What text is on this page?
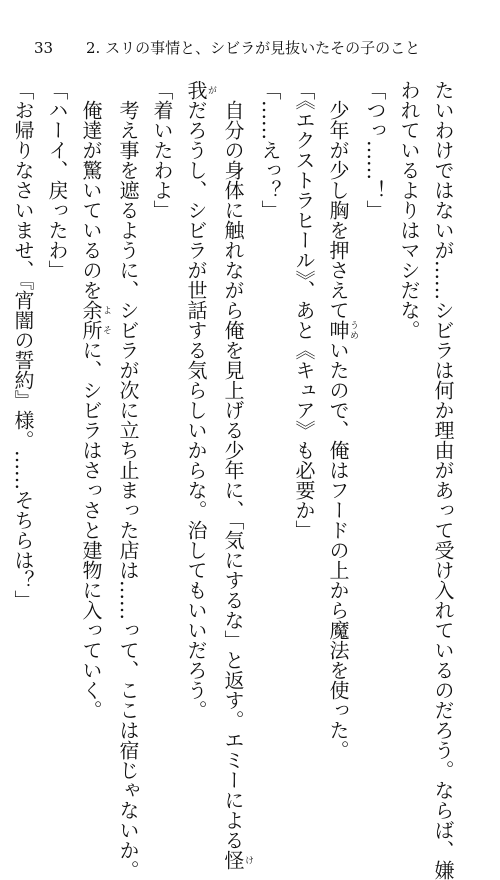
33 2. スリの事情と、シビラが見抜いたその子のこと
たいわけではないが……シビラは何か理由があって受け入れているのだろう。ならば、嫌
われているよりはマシだな。
「つっ……！」
　少年が少し胸を押さえて呻うめいたので、俺はフードの上から魔法を使った。
「《エクストラヒール》、あと《キュア》も必要か」
「……えっ？」
　自分の身体に触れながら俺を見上げる少年に、「気にするな」と返す。エミーによる怪け
我がだろうし、シビラが世話する気らしいからな。治してもいいだろう。
「着いたわよ」
　考え事を遮るように、シビラが次に立ち止まった店は……って、ここは宿じゃないか。
　俺達が驚いているのを余所よそに、シビラはさっさと建物に入っていく。
「ハーイ、戻ったわ」
「お帰りなさいませ、『宵闇の誓約』様。……そちらは？」
